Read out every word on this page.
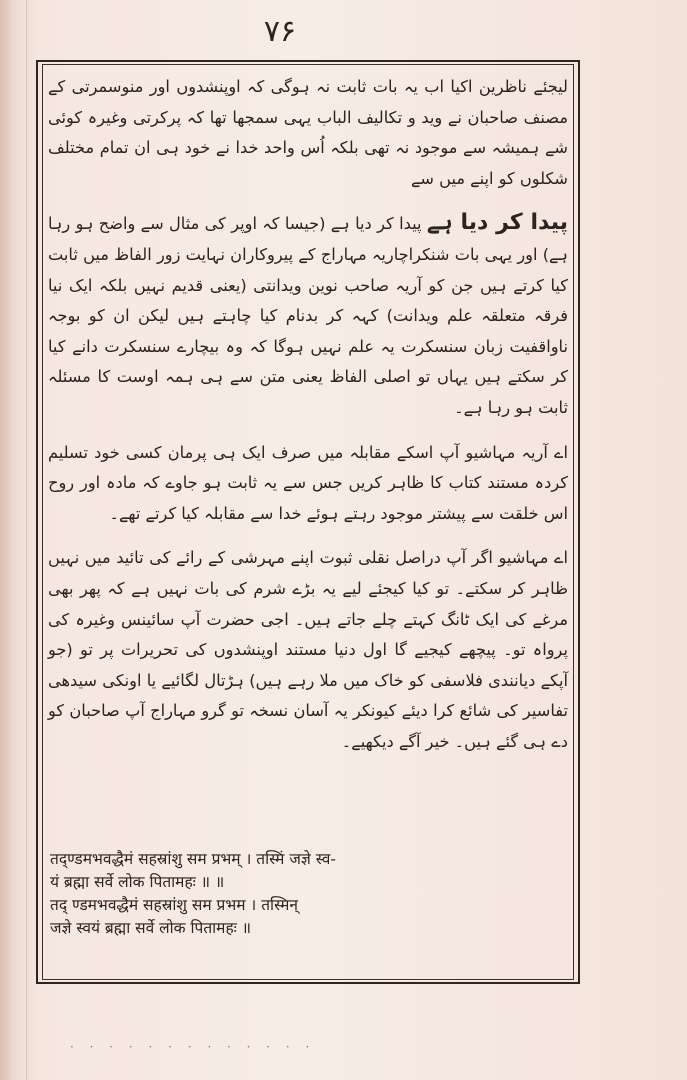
۷۶

لیجئے ناظرین اکیا اب یہ بات ثابت نہ ہوگی کہ اوپنشدوں اور منوسمرتی کے مصنف صاحبان نے وید و تکالیف الباب یہی سمجھا تھا کہ پرکرتی وغیرہ کوئی شے ہمیشہ سے موجود نہ تھی بلکہ اُس واحد خدا نے خود ہی ان تمام مختلف شکلوں کو اپنے میں سے

پیدا کر دیا ہے پیدا کر دیا ہے (جیسا کہ اوپر کی مثال سے واضح ہو رہا ہے) اور یہی بات شنکراچاریہ مہاراج کے پیروکاران نہایت زور الفاظ میں ثابت کیا کرتے ہیں جن کو آریہ صاحب نوین ویدانتی (یعنی قدیم نہیں بلکہ ایک نیا فرقہ متعلقہ علم ویدانت) کہہ کر بدنام کیا چاہتے ہیں لیکن ان کو بوجہ ناواقفیت زبان سنسکرت یہ علم نہیں ہوگا کہ وہ بیچارے سنسکرت دانے کیا کر سکتے ہیں یہاں تو اصلی الفاظ یعنی متن سے ہی ہمہ اوست کا مسئلہ ثابت ہو رہا ہے۔

اے آریہ مہاشیو آپ اسکے مقابلہ میں صرف ایک ہی پرمان کسی خود تسلیم کردہ مستند کتاب کا ظاہر کریں جس سے یہ ثابت ہو جاوے کہ مادہ اور روح اس خلقت سے پیشتر موجود رہتے ہوئے خدا سے مقابلہ کیا کرتے تھے۔

اے مہاشیو اگر آپ دراصل نقلی ثبوت اپنے مہرشی کے رائے کی تائید میں نہیں ظاہر کر سکتے۔ تو کیا کیجئے لیے یہ بڑے شرم کی بات نہیں ہے کہ پھر بھی مرغے کی ایک ٹانگ کہتے چلے جاتے ہیں۔ اجی حضرت آپ سائینس وغیرہ کی پرواہ تو۔ پیچھے کیجیے گا اول دنیا مستند اوپنشدوں کی تحریرات پر تو (جو آپکے دیانندی فلاسفی کو خاک میں ملا رہے ہیں) ہڑتال لگائیے یا اونکی سیدھی تفاسیر کی شائع کرا دیئے کیونکر یہ آسان نسخہ تو گرو مہاراج آپ صاحبان کو دے ہی گئے ہیں۔ خیر آگے دیکھیے۔

तद्‌ण्डमभवद्धैमं सहस्रांशु सम प्रभम् । तस्मिं जज्ञे स्व-
यं ब्रह्मा सर्वे लोक पितामहः ॥ ॥
तद् ण्डमभवद्धैमं सहस्रांशु सम प्रभम । तस्मिन्
जज्ञे स्वयं ब्रह्मा सर्वे लोक पितामहः ॥
· · · · · · · · · · · · ·
